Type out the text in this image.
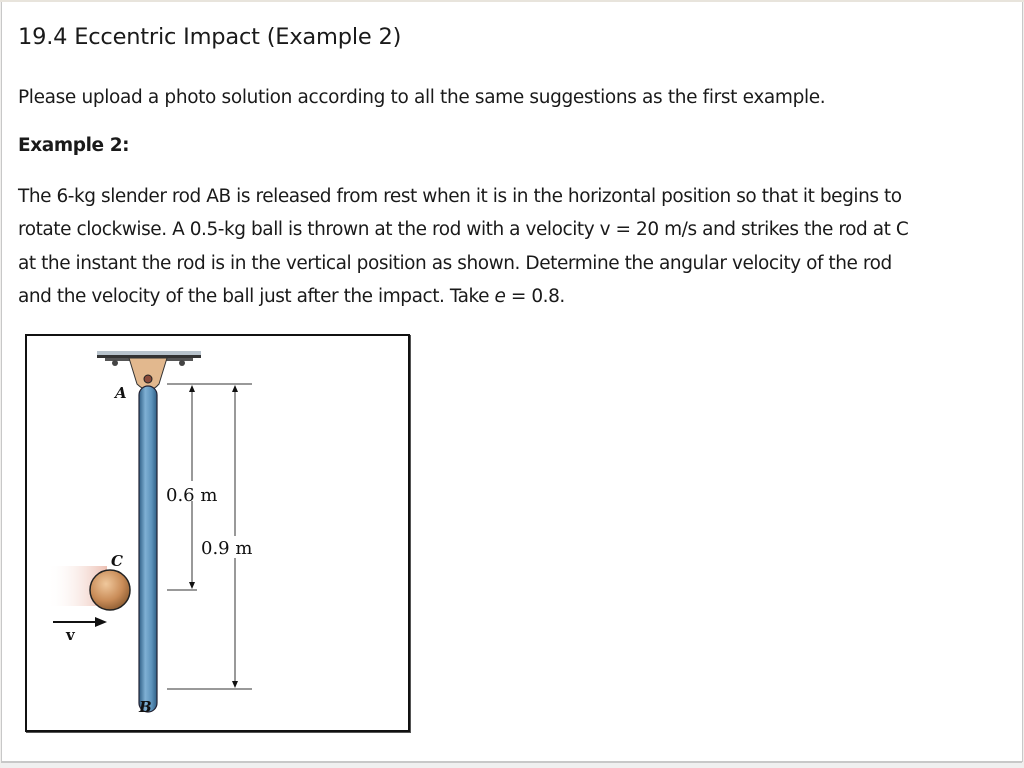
19.4 Eccentric Impact (Example 2)
Please upload a photo solution according to all the same suggestions as the first example.
Example 2:

The 6-kg slender rod AB is released from rest when it is in the horizontal position so that it begins to

rotate clockwise. A 0.5-kg ball is thrown at the rod with a velocity v = 20 m/s and strikes the rod at C

at the instant the rod is in the vertical position as shown. Determine the angular velocity of the rod

and the velocity of the ball just after the impact. Take e = 0.8.

A
C
v
B
0.6 m
0.9 m
